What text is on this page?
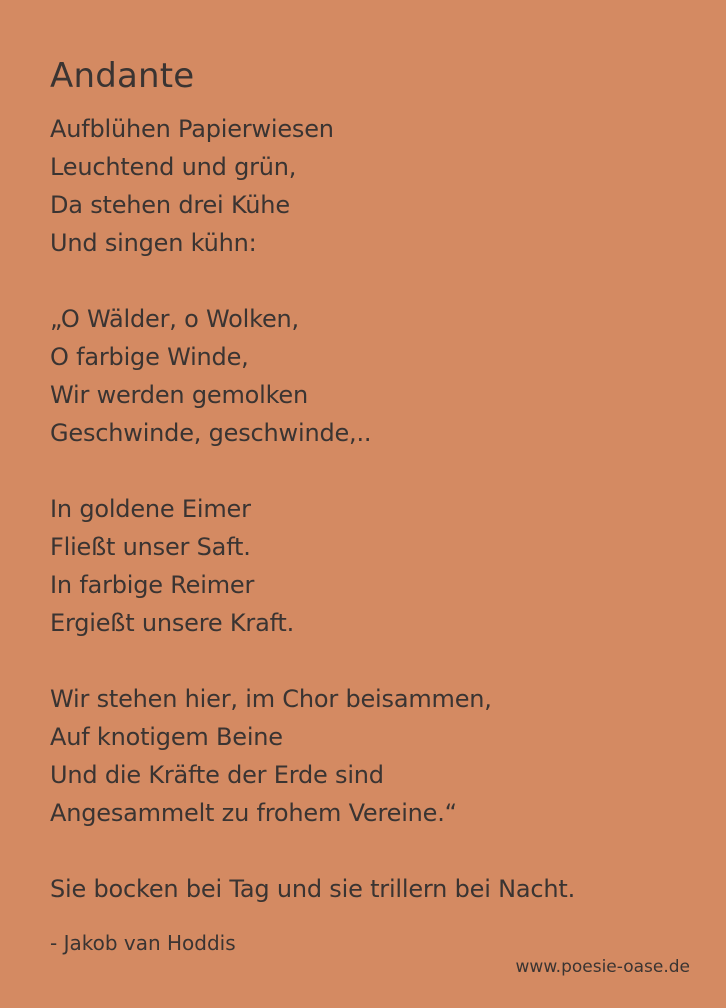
Andante
Aufblühen Papierwiesen
Leuchtend und grün,
Da stehen drei Kühe
Und singen kühn:
„O Wälder, o Wolken,
O farbige Winde,
Wir werden gemolken
Geschwinde, geschwinde,..
In goldene Eimer
Fließt unser Saft.
In farbige Reimer
Ergießt unsere Kraft.
Wir stehen hier, im Chor beisammen,
Auf knotigem Beine
Und die Kräfte der Erde sind
Angesammelt zu frohem Vereine.“
Sie bocken bei Tag und sie trillern bei Nacht.
- Jakob van Hoddis
www.poesie-oase.de
